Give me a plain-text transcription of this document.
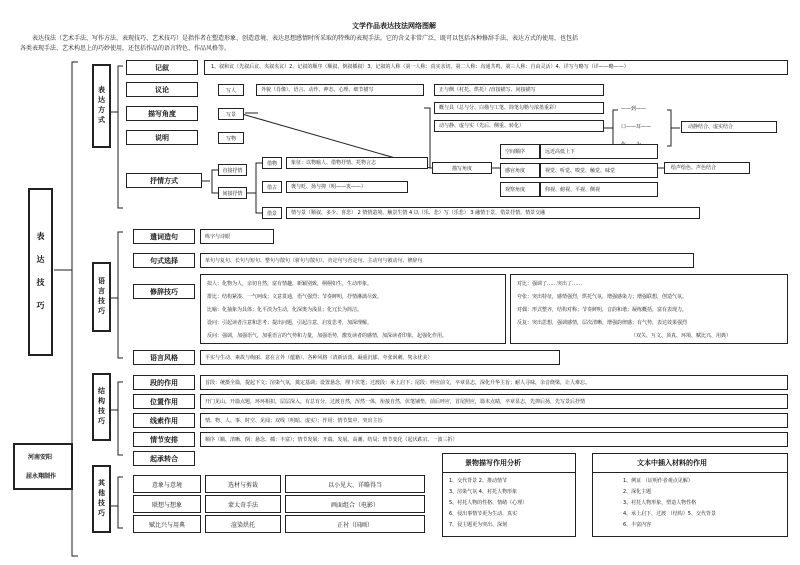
文学作品表达技法网络图解
表达技法（艺术手法、写作方法、表现技巧、艺术技巧）是指作者在塑造形象、创造意境、表达思想感情时所采取的特殊的表现手法。它的含义非常广泛，既可以包括各种修辞手法、表达方式的使用，也包括
各类表现手法、艺术构思上的巧妙使用，还包括作品的语言特色、作品风格等。
表 达 技 巧
河南安阳
屈永翔制作
表达方式
语言技巧
结构技巧
其他技巧
记叙	1、叙和议（先叙后议、夹叙夹议）2、记叙的顺序（顺叙、倒叙插叙）3、记叙的人称（第一人称：真实亲切、第二人称：沟通共鸣、第三人称：自由灵活）4、详写与略写（详——略——）
议论	写人	外貌（肖像）、语言、动作、神态、心理、细节描写
描写角度	写景
说明	写物
正与侧（衬托、烘托）/直接描写、间接描写
概与具（总与分、白描与工笔、简笔勾勒与浓墨重彩）
动与静、虚与实（先后、侧重、转化）
——到——
口——耳——	动静结合、虚实结合
描写角度
空间顺序	远近高低上下
感官角度	视觉、听觉、嗅觉、触觉、味觉
观察角度	仰视、俯视、平视、侧视
绘声绘色、声色结合
抒情方式
直接抒情
间接抒情
借物	象征：以物喻人、借物抒情、托物言志
借古	褒与贬、扬与抑（明——衷——）
借景	情与景（顺叙、多少、喜悲） 2 情情造境、触景生情 4 以（乐、悲）写（乐悲） 3 融情于景，借景抒情，情景交融
遣词造句	练字与诗眼
句式选择	单句与复句、长句与短句、整句与散句（骈句与散句）、肯定句与否定句、主动句与被动句、修辞句
修辞技巧
拟人：化物为人，亲切自然，富有情趣，新颖别致，栩栩如生，生动形象。
排比：结构紧凑、一气呵成；文意贯通，语气强烈；节奏鲜明，抒情淋漓尽致。
比喻：化抽象为具体；化平淡为生动，化深奥为浅显；化冗长为简洁。
设问：引起读者注意和思考；提出问题，引起注意，启发思考，加深理解。
反问：强调，加强语气，加重语言的气势和力量，加强语势，激发读者的感情，加深读者印象，起强化作用。
对比：强调了……突出了……
夸张：突出特征，感情强烈，烘托气氛，增强感染力；增强联想，创造气氛。
对偶：形式整齐，结构对称；节奏鲜明，音韵和谐；凝练概括，富有表现力。
反复：突出思想，强调感情，层次清晰，增强韵律感；有气势，表达效果强烈
（双关、互文、顶真、环境、赋比兴、用典）
语言风格	平实与生动、素故与绚丽、意在言外（蕴籍）、各种风格（清新活泼、凝重沉郁、夸张讽刺、隽永优美）
段的作用	首段：统摄全篇，提起下文；渲染气氛，奠定基调；设置悬念，埋下伏笔；过渡段：承上启下；尾段：呼应前文，卒章显志，深化升华主旨；耐人寻味，余音绕梁，让人难忘。
位置作用	开门见山，开篇点题，环环相扣，层层深入，有总有分，过渡自然，浑然一体，衔接自然，伏笔铺垫，前后呼应，首尾照应，篇末点睛，卒章显志，先抑后扬，先写景后抒情
线索作用	情、物、人、事、时空、见闻；双线（明暗、虚实）；作用：情节集中，突出主旨
情节安排	顺序（顺、清晰、倒：悬念、插：丰富）；情节发展：开端、发展、高潮、结局；情节变化（起伏跌宕、一波三折）
起承转合
意象与意境	选材与剪裁	以小见大、详略得当
联想与想象	蒙太奇手法	画面组合（电影）
赋比兴与用典	渲染烘托	正衬（国画）
景物描写作用分析
1、交代背景 2、推动情节
3、渲染气氛 4、衬托人物形象
5、衬托人物的性格、情绪（心理）
6、侵出事情节更为生动、真实
7、侵主题更为突出、深刻
文本中插入材料的作用
1、例证 （证明作者观点见解）
2、深化主题
3、衬托人物形象，塑造人物性格
4、承上启下、过渡 （结构）5、交代背景
6、丰富内容
